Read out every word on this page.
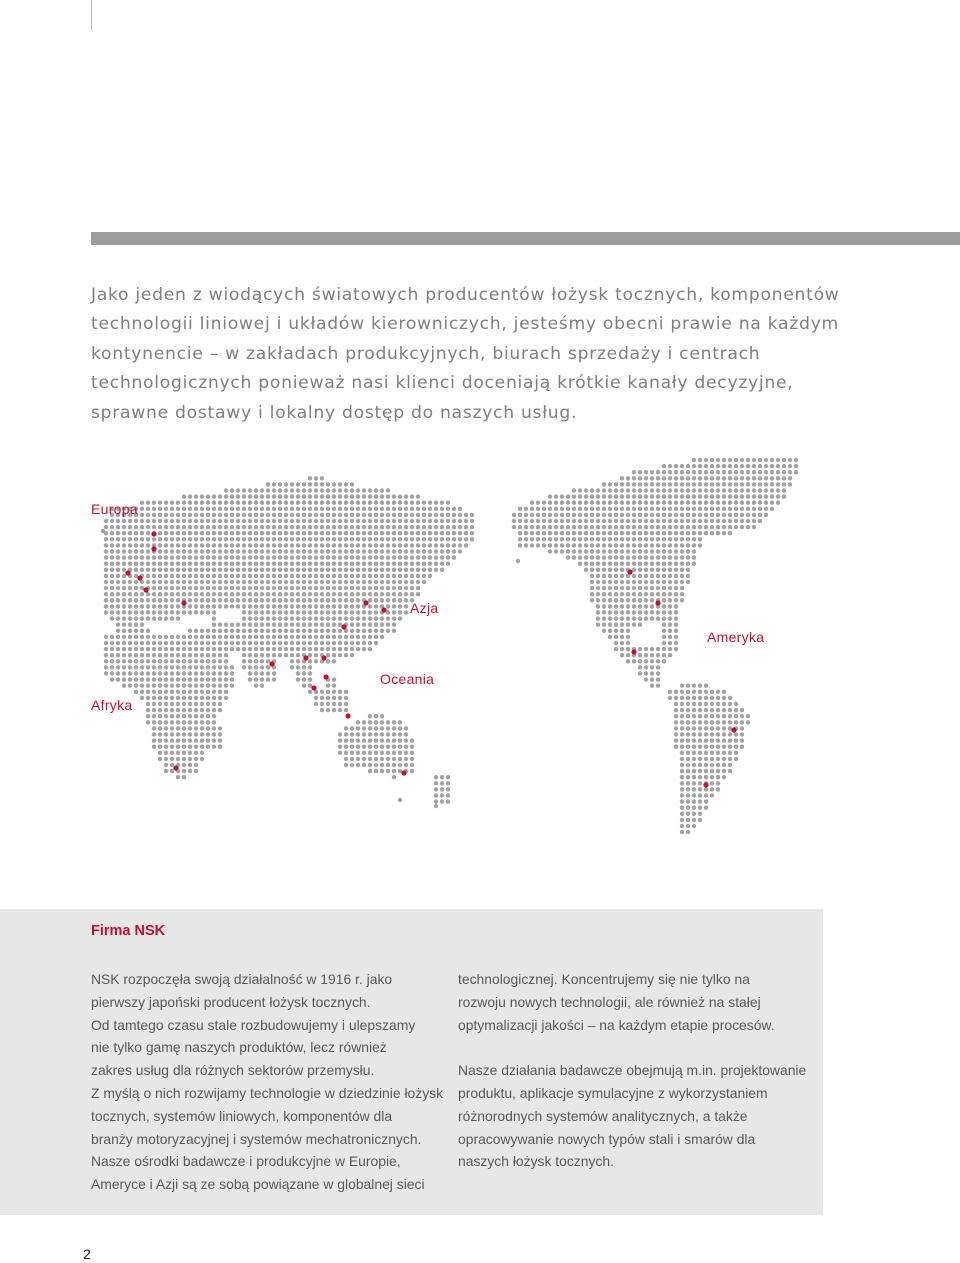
Jako jeden z wiodących światowych producentów łożysk tocznych, komponentów
technologii liniowej i układów kierowniczych, jesteśmy obecni prawie na każdym
kontynencie – w zakładach produkcyjnych, biurach sprzedaży i centrach
technologicznych ponieważ nasi klienci doceniają krótkie kanały decyzyjne,
sprawne dostawy i lokalny dostęp do naszych usług.
Europa
Azja
Ameryka
Oceania
Afryka
Firma NSK
NSK rozpoczęła swoją działalność w 1916 r. jako
pierwszy japoński producent łożysk tocznych.
Od tamtego czasu stale rozbudowujemy i ulepszamy
nie tylko gamę naszych produktów, lecz również
zakres usług dla różnych sektorów przemysłu.
Z myślą o nich rozwijamy technologie w dziedzinie łożysk
tocznych, systemów liniowych, komponentów dla
branży motoryzacyjnej i systemów mechatronicznych.
Nasze ośrodki badawcze i produkcyjne w Europie,
Ameryce i Azji są ze sobą powiązane w globalnej sieci
technologicznej. Koncentrujemy się nie tylko na
rozwoju nowych technologii, ale również na stałej
optymalizacji jakości – na każdym etapie procesów.
Nasze działania badawcze obejmują m.in. projektowanie
produktu, aplikacje symulacyjne z wykorzystaniem
różnorodnych systemów analitycznych, a także
opracowywanie nowych typów stali i smarów dla
naszych łożysk tocznych.
2
